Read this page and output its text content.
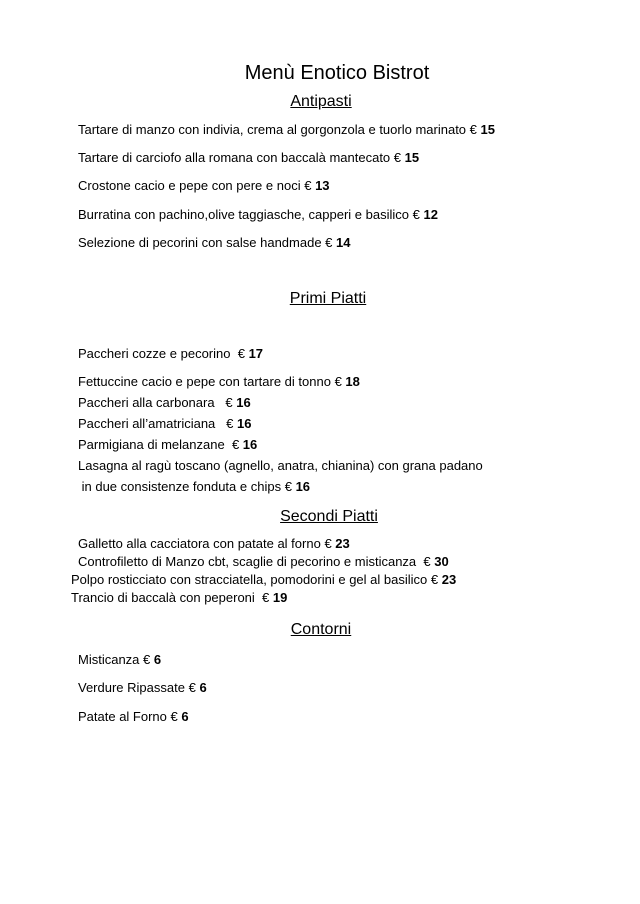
Menù Enotico Bistrot
Antipasti
Tartare di manzo con indivia, crema al gorgonzola e tuorlo marinato € 15
Tartare di carciofo alla romana con baccalà mantecato € 15
Crostone cacio e pepe con pere e noci € 13
Burratina con pachino,olive taggiasche, capperi e basilico € 12
Selezione di pecorini con salse handmade € 14
Primi Piatti
Paccheri cozze e pecorino € 17
Fettuccine cacio e pepe con tartare di tonno € 18
Paccheri alla carbonara € 16
Paccheri all’amatriciana € 16
Parmigiana di melanzane € 16
Lasagna al ragù toscano (agnello, anatra, chianina) con grana padano
in due consistenze fonduta e chips € 16
Secondi Piatti
Galletto alla cacciatora con patate al forno € 23
Controfiletto di Manzo cbt, scaglie di pecorino e misticanza € 30
Polpo rosticciato con stracciatella, pomodorini e gel al basilico € 23
Trancio di baccalà con peperoni € 19
Contorni
Misticanza € 6
Verdure Ripassate € 6
Patate al Forno € 6
